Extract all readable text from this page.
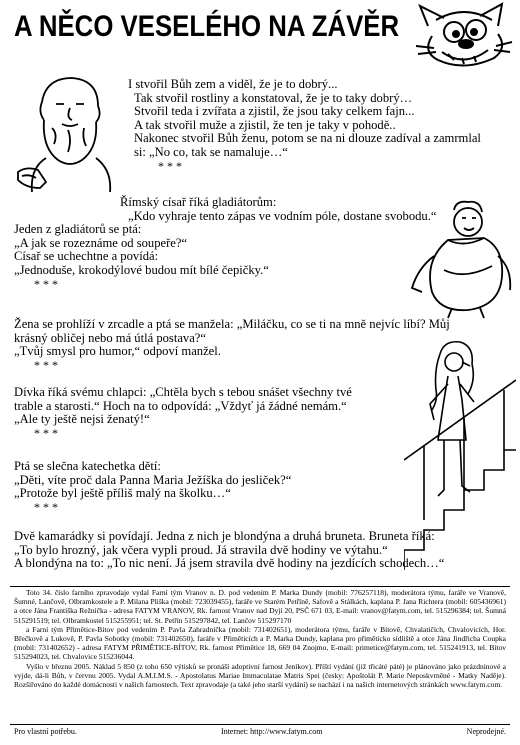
A NĚCO VESELÉHO NA ZÁVĚR

I stvořil Bůh zem a viděl, že je to dobrý...

Tak stvořil rostliny a konstatoval, že je to taky dobrý…

Stvořil teda i zvířata a zjistil, že jsou taky celkem fajn...

A tak stvořil muže a zjistil, že ten je taky v pohodě..

Nakonec stvořil Bůh ženu, potom se na ni dlouze zadíval a zamrmlal

si: „No co, tak se namaluje…“

* * *

Římský císař říká gladiátorům:

„Kdo vyhraje tento zápas ve vodním póle, dostane svobodu.“

Jeden z gladiátorů se ptá:

„A jak se rozeznáme od soupeře?“

Císař se uchechtne a povídá:

„Jednoduše, krokodýlové budou mít bílé čepičky.“

* * *

Žena se prohlíží v zrcadle a ptá se manžela: „Miláčku, co se ti na mně nejvíc líbí? Můj

krásný obličej nebo má útlá postava?“

„Tvůj smysl pro humor,“ odpoví manžel.

* * *

Dívka říká svému chlapci: „Chtěla bych s tebou snášet všechny tvé

trable a starosti.“ Hoch na to odpovídá: „Vždyť já žádné nemám.“

„Ale ty ještě nejsi ženatý!“

* * *

Ptá se slečna katechetka dětí:

„Děti, víte proč dala Panna Maria Ježíška do jesliček?“

„Protože byl ještě příliš malý na školku…“

* * *

Dvě kamarádky si povídají. Jedna z nich je blondýna a druhá bruneta. Bruneta říká:

„To bylo hrozný, jak včera vypli proud. Já stravila dvě hodiny ve výtahu.“

A blondýna na to: „To nic není. Já jsem stravila dvě hodiny na jezdících schodech…“

Toto 34. číslo farního zpravodaje vydal Farní tým Vranov n. D. pod vedením P. Marka Dundy (mobil: 776257118), moderátora týmu, faráře ve Vranově, Šumné, Lančově, Olbramkostele a P. Milana Pliška (mobil: 723039455), faráře ve Starém Petříně, Safově a Stálkách, kaplana P. Jana Richtera (mobil: 605436961) a otce Jána Františka Režnička - adresa FATYM VRANOV, Rk. farnost Vranov nad Dyjí 20, PSČ 671 03, E-mail: vranov@fatym.com, tel. 515296384; tel. Šumná 515291519; tel. Olbramkostel 515255951; tel. St. Petřín 515297842, tel. Lančov 515297170

a Farní tým Přimětice-Bítov pod vedením P. Pavla Zahradníčka (mobil: 731402651), moderátora týmu, faráře v Bítově, Chvalatičích, Chvalovicích, Hor. Břečkově a Lukově, P. Pavla Sobotky (mobil: 731402650), faráře v Přiměticích a P. Marka Dundy, kaplana pro přiměticko sídliště a otce Jána Jindřicha Coupka (mobil: 731402652) - adresa FATYM PŘIMĚTICE-BÍTOV, Rk. farnost Přimětice 18, 669 04 Znojmo, E-mail: primetice@fatym.com, tel. 515241913, tel. Bítov 515294023, tel. Chvalovice 515236044.

Vyšlo v březnu 2005. Náklad 5 850 (z toho 650 výtisků se pronáší adoptivní farnost Jeníkov). Příští vydání (již třicáté páté) je plánováno jako prázdninové a vyjde, dá-li Bůh, v červnu 2005. Vydal A.M.I.M.S. - Apostolatus Mariae Immaculatae Matris Spei (česky: Apoštolát P. Marie Neposkvrněné - Matky Naděje). Rozšiřováno do každé domácnosti v našich farnostech. Text zpravodaje (a také jeho starší vydání) se nachází i na našich internetových stránkách www.fatym.com.

Pro vlastní potřebu.	Internet: http://www.fatym.com	Neprodejné.
